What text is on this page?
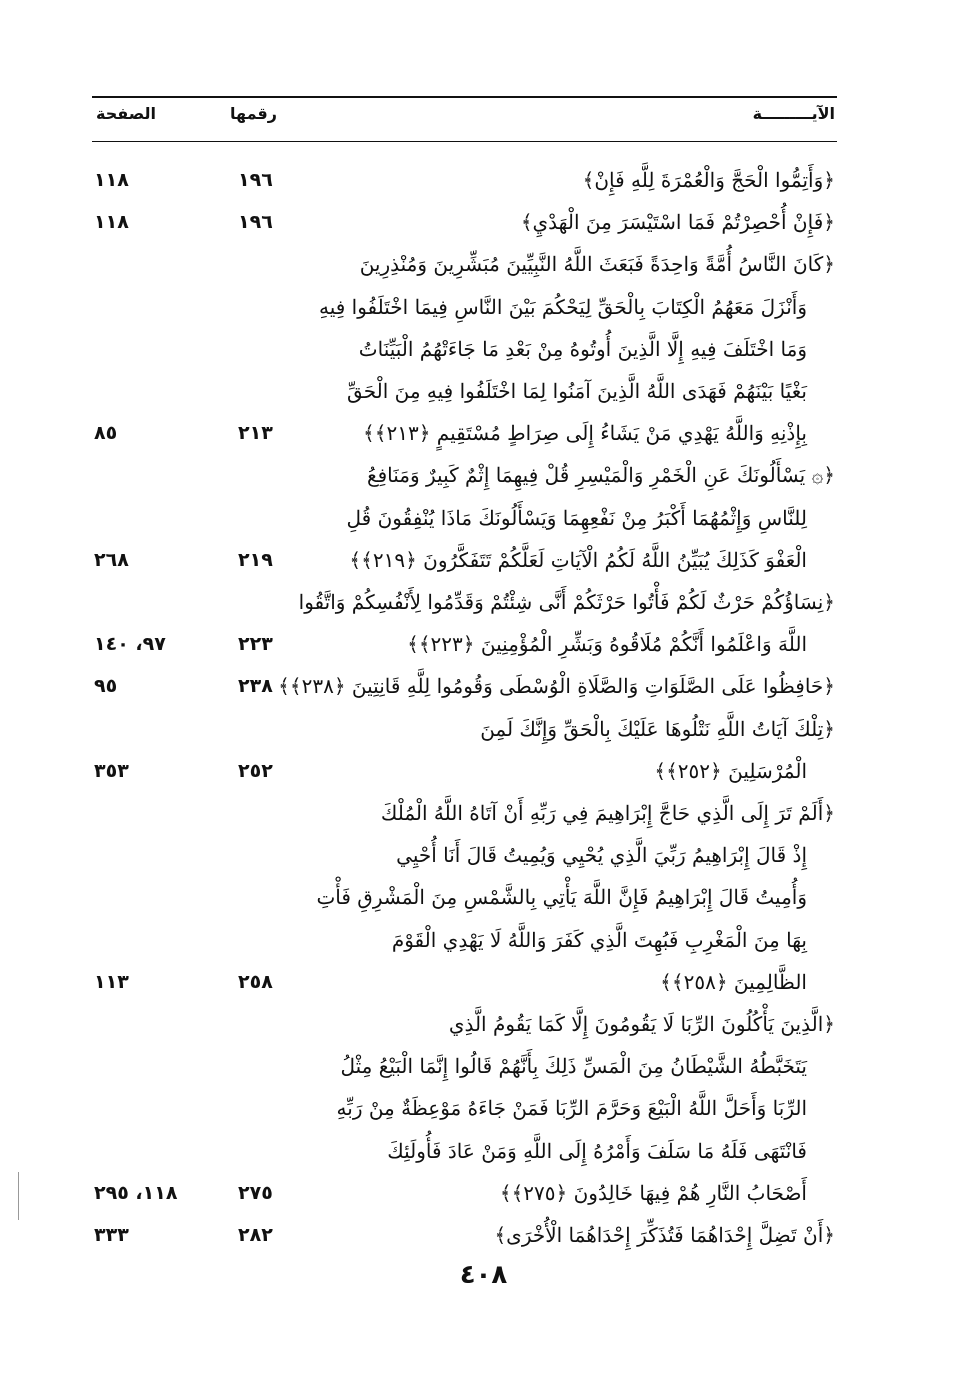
الآيـــــــــة
رقمها
الصفحة
﴿وَأَتِمُّوا الْحَجَّ وَالْعُمْرَةَ لِلَّهِ فَإِنْ﴾
١٩٦
١١٨
﴿فَإِنْ أُحْصِرْتُمْ فَمَا اسْتَيْسَرَ مِنَ الْهَدْيِ﴾
١٩٦
١١٨
﴿كَانَ النَّاسُ أُمَّةً وَاحِدَةً فَبَعَثَ اللَّهُ النَّبِيِّينَ مُبَشِّرِينَ وَمُنْذِرِينَ
وَأَنْزَلَ مَعَهُمُ الْكِتَابَ بِالْحَقِّ لِيَحْكُمَ بَيْنَ النَّاسِ فِيمَا اخْتَلَفُوا فِيهِ
وَمَا اخْتَلَفَ فِيهِ إِلَّا الَّذِينَ أُوتُوهُ مِنْ بَعْدِ مَا جَاءَتْهُمُ الْبَيِّنَاتُ
بَغْيًا بَيْنَهُمْ فَهَدَى اللَّهُ الَّذِينَ آمَنُوا لِمَا اخْتَلَفُوا فِيهِ مِنَ الْحَقِّ
بِإِذْنِهِ وَاللَّهُ يَهْدِي مَنْ يَشَاءُ إِلَى صِرَاطٍ مُسْتَقِيمٍ ﴿٢١٣﴾﴾
٢١٣
٨٥
﴿۞ يَسْأَلُونَكَ عَنِ الْخَمْرِ وَالْمَيْسِرِ قُلْ فِيهِمَا إِثْمٌ كَبِيرٌ وَمَنَافِعُ
لِلنَّاسِ وَإِثْمُهُمَا أَكْبَرُ مِنْ نَفْعِهِمَا وَيَسْأَلُونَكَ مَاذَا يُنْفِقُونَ قُلِ
الْعَفْوَ كَذَلِكَ يُبَيِّنُ اللَّهُ لَكُمُ الْآيَاتِ لَعَلَّكُمْ تَتَفَكَّرُونَ ﴿٢١٩﴾﴾
٢١٩
٢٦٨
﴿نِسَاؤُكُمْ حَرْثٌ لَكُمْ فَأْتُوا حَرْثَكُمْ أَنَّى شِئْتُمْ وَقَدِّمُوا لِأَنْفُسِكُمْ وَاتَّقُوا
اللَّهَ وَاعْلَمُوا أَنَّكُمْ مُلَاقُوهُ وَبَشِّرِ الْمُؤْمِنِينَ ﴿٢٢٣﴾﴾
٢٢٣
٩٧، ١٤٠
﴿حَافِظُوا عَلَى الصَّلَوَاتِ وَالصَّلَاةِ الْوُسْطَى وَقُومُوا لِلَّهِ قَانِتِينَ ﴿٢٣٨﴾﴾
٢٣٨
٩٥
﴿تِلْكَ آيَاتُ اللَّهِ نَتْلُوهَا عَلَيْكَ بِالْحَقِّ وَإِنَّكَ لَمِنَ
الْمُرْسَلِينَ ﴿٢٥٢﴾﴾
٢٥٢
٣٥٣
﴿أَلَمْ تَرَ إِلَى الَّذِي حَاجَّ إِبْرَاهِيمَ فِي رَبِّهِ أَنْ آتَاهُ اللَّهُ الْمُلْكَ
إِذْ قَالَ إِبْرَاهِيمُ رَبِّيَ الَّذِي يُحْيِي وَيُمِيتُ قَالَ أَنَا أُحْيِي
وَأُمِيتُ قَالَ إِبْرَاهِيمُ فَإِنَّ اللَّهَ يَأْتِي بِالشَّمْسِ مِنَ الْمَشْرِقِ فَأْتِ
بِهَا مِنَ الْمَغْرِبِ فَبُهِتَ الَّذِي كَفَرَ وَاللَّهُ لَا يَهْدِي الْقَوْمَ
الظَّالِمِينَ ﴿٢٥٨﴾﴾
٢٥٨
١١٣
﴿الَّذِينَ يَأْكُلُونَ الرِّبَا لَا يَقُومُونَ إِلَّا كَمَا يَقُومُ الَّذِي
يَتَخَبَّطُهُ الشَّيْطَانُ مِنَ الْمَسِّ ذَلِكَ بِأَنَّهُمْ قَالُوا إِنَّمَا الْبَيْعُ مِثْلُ
الرِّبَا وَأَحَلَّ اللَّهُ الْبَيْعَ وَحَرَّمَ الرِّبَا فَمَنْ جَاءَهُ مَوْعِظَةٌ مِنْ رَبِّهِ
فَانْتَهَى فَلَهُ مَا سَلَفَ وَأَمْرُهُ إِلَى اللَّهِ وَمَنْ عَادَ فَأُولَئِكَ
أَصْحَابُ النَّارِ هُمْ فِيهَا خَالِدُونَ ﴿٢٧٥﴾﴾
٢٧٥
١١٨، ٢٩٥
﴿أَنْ تَضِلَّ إِحْدَاهُمَا فَتُذَكِّرَ إِحْدَاهُمَا الْأُخْرَى﴾
٢٨٢
٣٣٣
٤٠٨
